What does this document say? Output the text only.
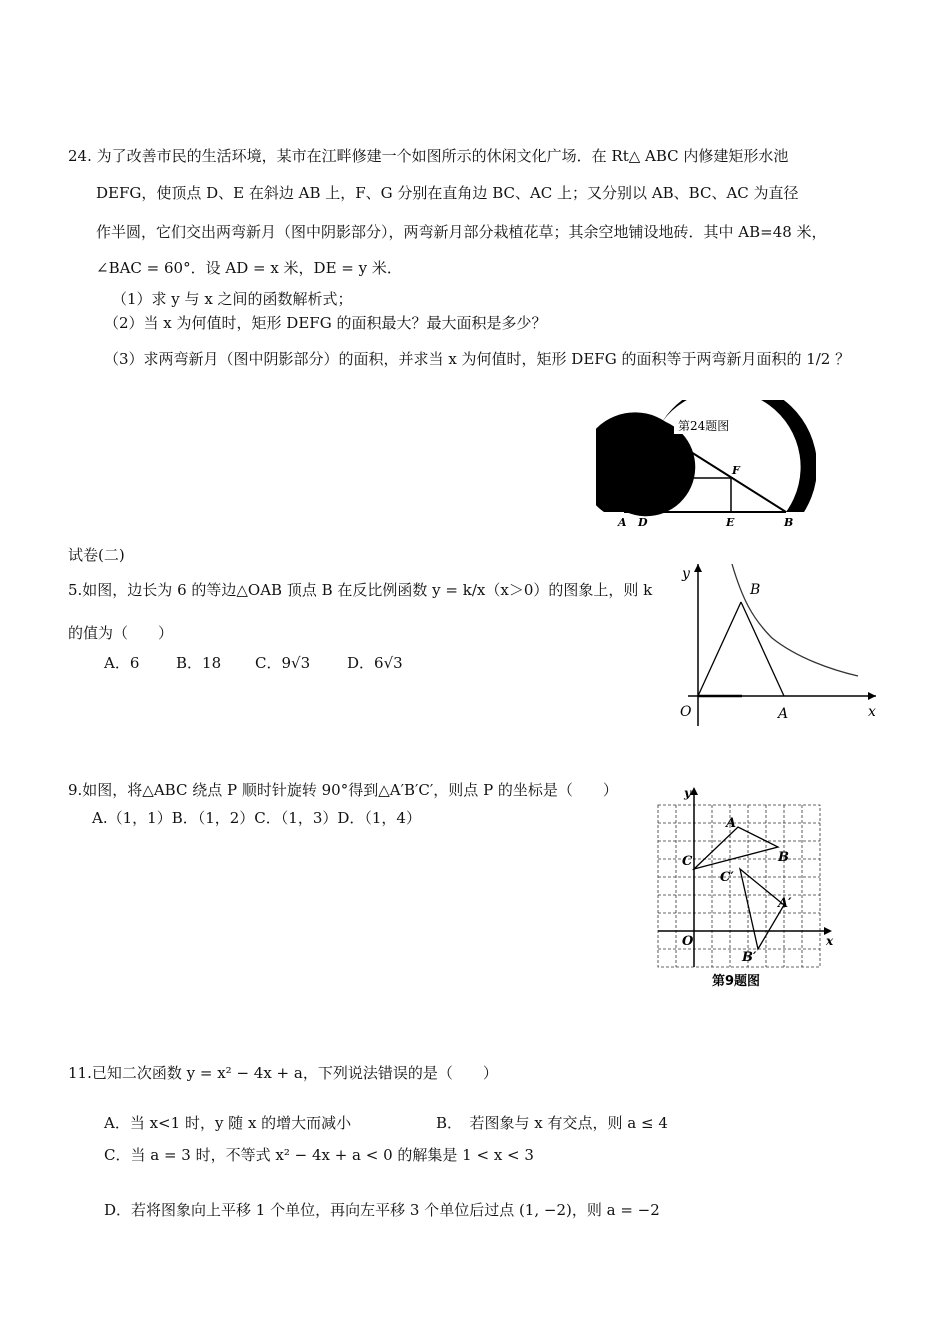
24. 为了改善市民的生活环境，某市在江畔修建一个如图所示的休闲文化广场．在 Rt△ ABC 内修建矩形水池
DEFG，使顶点 D、E 在斜边 AB 上，F、G 分别在直角边 BC、AC 上；又分别以 AB、BC、AC 为直径
作半圆，它们交出两弯新月（图中阴影部分），两弯新月部分栽植花草；其余空地铺设地砖．其中 AB=48 米，
∠BAC = 60°．设 AD = x 米，DE = y 米．
（1）求 y 与 x 之间的函数解析式；
（2）当 x 为何值时，矩形 DEFG 的面积最大？最大面积是多少？
（3）求两弯新月（图中阴影部分）的面积，并求当 x 为何值时，矩形 DEFG 的面积等于两弯新月面积的 1/2 ？
第24题图
A D	E	B
C
G	F
试卷(二)
5.如图，边长为 6 的等边△OAB 顶点 B 在反比例函数 y = k/x（x＞0）的图象上，则 k
的值为（　　）
A．6 B．18 C．9√3 D．6√3
y
x
O	A
B
9.如图，将△ABC 绕点 P 顺时针旋转 90°得到△A′B′C′，则点 P 的坐标是（　　）
A.（1，1）B．（1，2）C．（1，3）D．（1，4）
y
x
O
C
A
B
C′
A′
B′
第9题图
11.已知二次函数 y = x² − 4x + a，下列说法错误的是（　　）
A．当 x<1 时，y 随 x 的增大而减小	B．　若图象与 x 有交点，则 a ≤ 4
C．当 a = 3 时，不等式 x² − 4x + a < 0 的解集是 1 < x < 3
D．若将图象向上平移 1 个单位，再向左平移 3 个单位后过点 (1, −2)，则 a = −2
